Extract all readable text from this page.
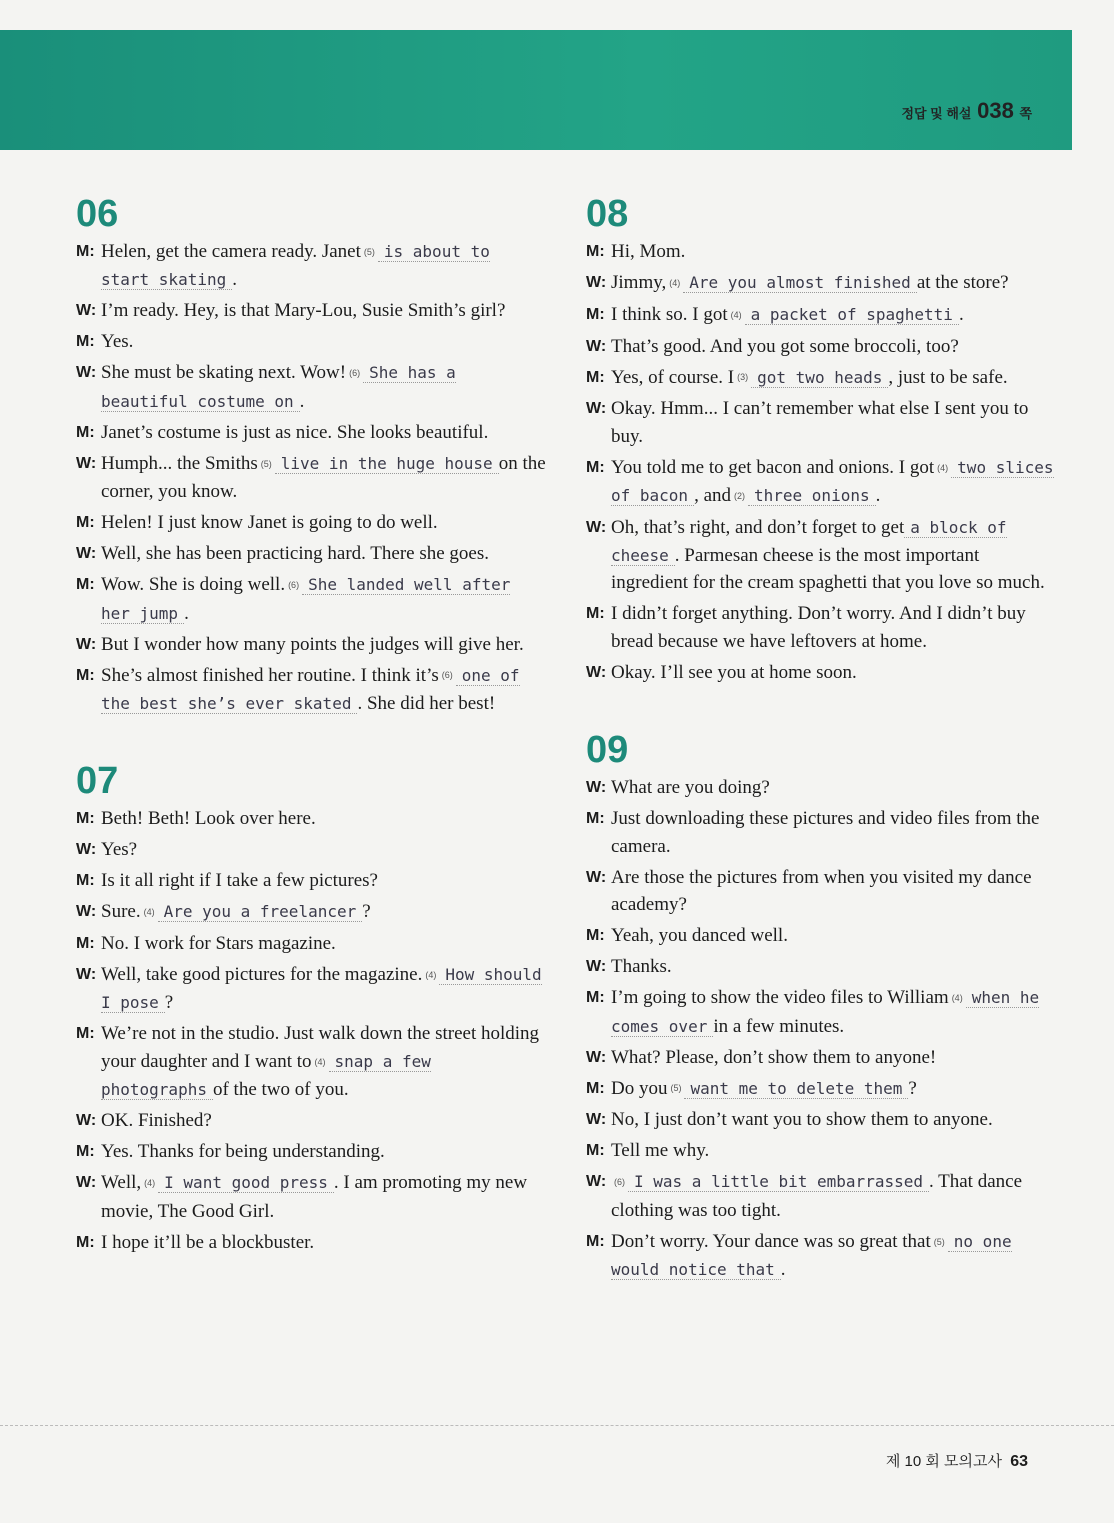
정답 및 해설 038 쪽
06
M: Helen, get the camera ready. Janet (5) is about to start skating .
W: I’m ready. Hey, is that Mary-Lou, Susie Smith’s girl?
M: Yes.
W: She must be skating next. Wow! (6) She has a beautiful costume on .
M: Janet’s costume is just as nice. She looks beautiful.
W: Humph... the Smiths (5) live in the huge house on the corner, you know.
M: Helen! I just know Janet is going to do well.
W: Well, she has been practicing hard. There she goes.
M: Wow. She is doing well. (6) She landed well after her jump .
W: But I wonder how many points the judges will give her.
M: She’s almost finished her routine. I think it’s (6) one of the best she’s ever skated . She did her best!
07
M: Beth! Beth! Look over here.
W: Yes?
M: Is it all right if I take a few pictures?
W: Sure. (4) Are you a freelancer ?
M: No. I work for Stars magazine.
W: Well, take good pictures for the magazine. (4) How should I pose ?
M: We’re not in the studio. Just walk down the street holding your daughter and I want to (4) snap a few photographs of the two of you.
W: OK. Finished?
M: Yes. Thanks for being understanding.
W: Well, (4) I want good press . I am promoting my new movie, The Good Girl.
M: I hope it’ll be a blockbuster.
08
M: Hi, Mom.
W: Jimmy, (4) Are you almost finished at the store?
M: I think so. I got (4) a packet of spaghetti .
W: That’s good. And you got some broccoli, too?
M: Yes, of course. I (3) got two heads , just to be safe.
W: Okay. Hmm... I can’t remember what else I sent you to buy.
M: You told me to get bacon and onions. I got (4) two slices of bacon , and (2) three onions .
W: Oh, that’s right, and don’t forget to get a block of cheese . Parmesan cheese is the most important ingredient for the cream spaghetti that you love so much.
M: I didn’t forget anything. Don’t worry. And I didn’t buy bread because we have leftovers at home.
W: Okay. I’ll see you at home soon.
09
W: What are you doing?
M: Just downloading these pictures and video files from the camera.
W: Are those the pictures from when you visited my dance academy?
M: Yeah, you danced well.
W: Thanks.
M: I’m going to show the video files to William (4) when he comes over in a few minutes.
W: What? Please, don’t show them to anyone!
M: Do you (5) want me to delete them ?
W: No, I just don’t want you to show them to anyone.
M: Tell me why.
W: (6) I was a little bit embarrassed . That dance clothing was too tight.
M: Don’t worry. Your dance was so great that (5) no one would notice that .
제 10 회 모의고사 63
